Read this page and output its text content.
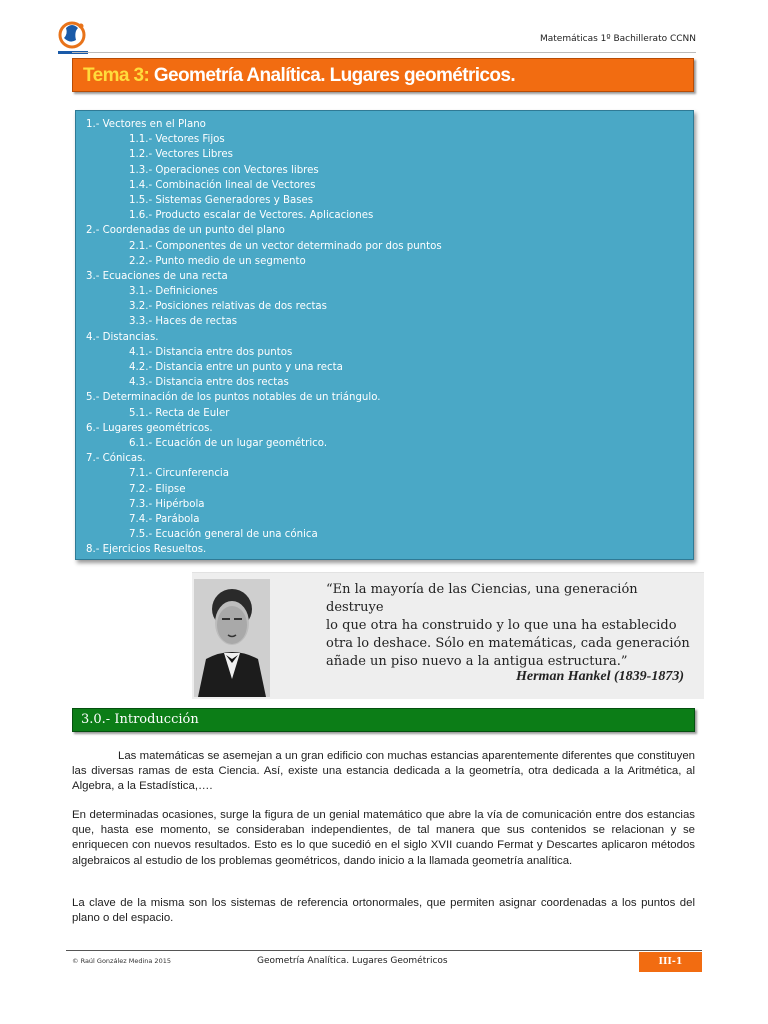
Matemáticas 1º Bachillerato CCNN
Tema 3: Geometría Analítica. Lugares geométricos.
1.- Vectores en el Plano
1.1.- Vectores Fijos
1.2.- Vectores Libres
1.3.- Operaciones con Vectores libres
1.4.- Combinación lineal de Vectores
1.5.- Sistemas Generadores y Bases
1.6.- Producto escalar de Vectores. Aplicaciones
2.- Coordenadas de un punto del plano
2.1.- Componentes de un vector determinado por dos puntos
2.2.- Punto medio de un segmento
3.- Ecuaciones de una recta
3.1.- Definiciones
3.2.- Posiciones relativas de dos rectas
3.3.- Haces de rectas
4.- Distancias.
4.1.- Distancia entre dos puntos
4.2.- Distancia entre un punto y una recta
4.3.- Distancia entre dos rectas
5.- Determinación de los puntos notables de un triángulo.
5.1.- Recta de Euler
6.- Lugares geométricos.
6.1.- Ecuación de un lugar geométrico.
7.- Cónicas.
7.1.- Circunferencia
7.2.- Elipse
7.3.- Hipérbola
7.4.- Parábola
7.5.- Ecuación general de una cónica
8.- Ejercicios Resueltos.
“En la mayoría de las Ciencias, una generación destruye
lo que otra ha construido y lo que una ha establecido
otra lo deshace. Sólo en matemáticas, cada generación
añade un piso nuevo a la antigua estructura.”
Herman Hankel (1839-1873)
3.0.- Introducción
Las matemáticas se asemejan a un gran edificio con muchas estancias aparentemente diferentes que constituyen las diversas ramas de esta Ciencia. Así, existe una estancia dedicada a la geometría, otra dedicada a la Aritmética, al Algebra, a la Estadística,….
En determinadas ocasiones, surge la figura de un genial matemático que abre la vía de comunicación entre dos estancias que, hasta ese momento, se consideraban independientes, de tal manera que sus contenidos se relacionan y se enriquecen con nuevos resultados. Esto es lo que sucedió en el siglo XVII cuando Fermat y Descartes aplicaron métodos algebraicos al estudio de los problemas geométricos, dando inicio a la llamada geometría analítica.
La clave de la misma son los sistemas de referencia ortonormales, que permiten asignar coordenadas a los puntos del plano o del espacio.
© Raúl González Medina 2015	Geometría Analítica. Lugares Geométricos	III-1
